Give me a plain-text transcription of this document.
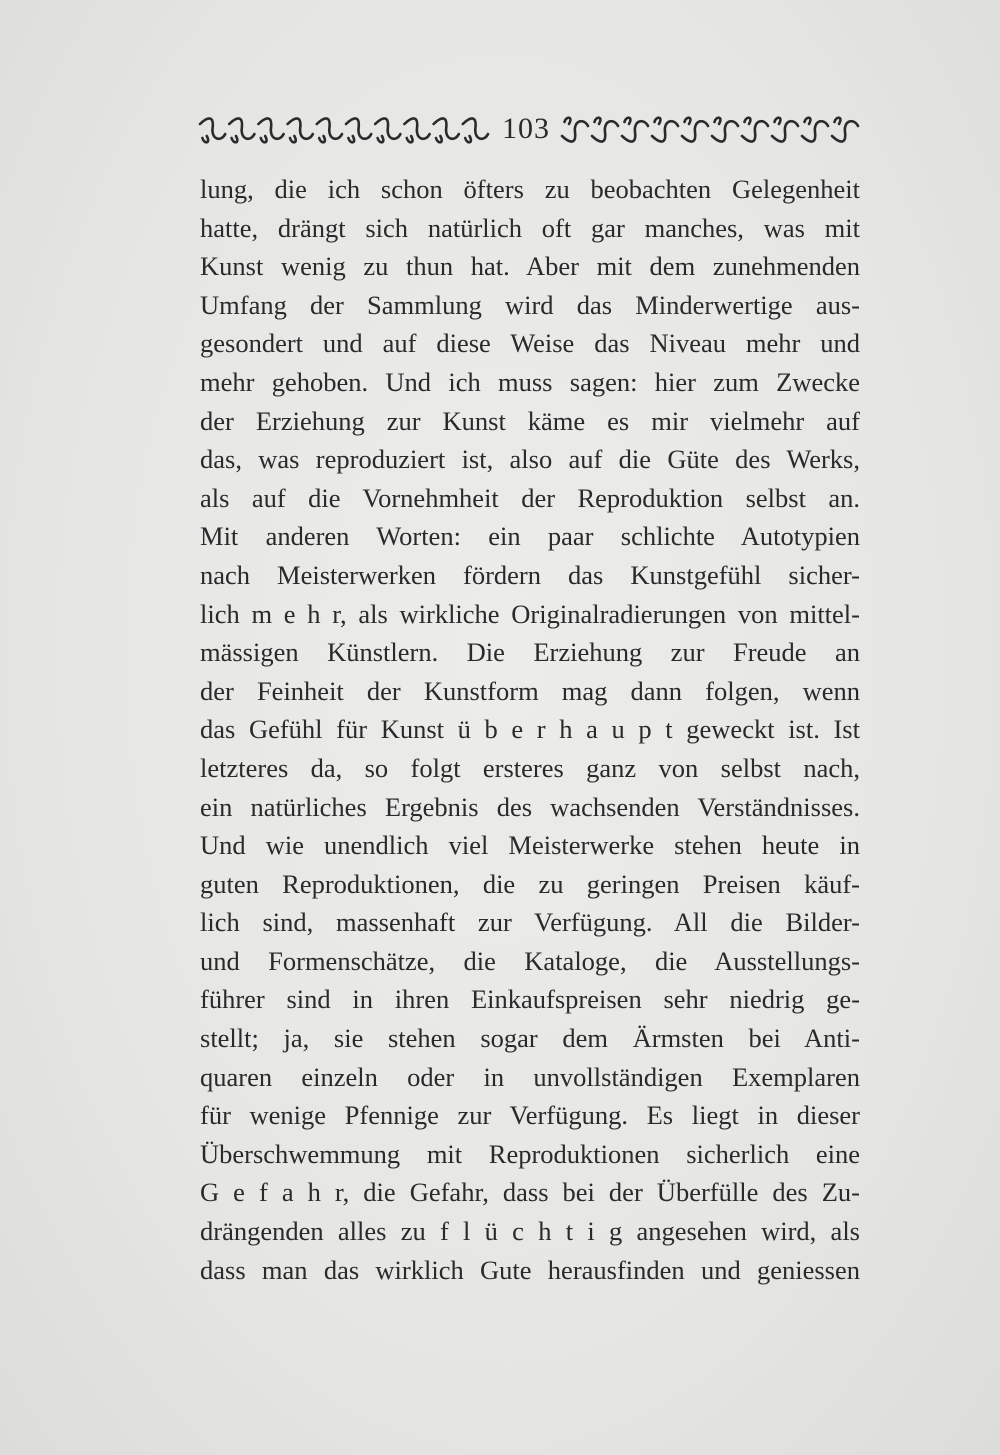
103
lung, die ich schon öfters zu beobachten Gelegenheit
hatte, drängt sich natürlich oft gar manches, was mit
Kunst wenig zu thun hat. Aber mit dem zunehmenden
Umfang der Sammlung wird das Minderwertige aus-
gesondert und auf diese Weise das Niveau mehr und
mehr gehoben. Und ich muss sagen: hier zum Zwecke
der Erziehung zur Kunst käme es mir vielmehr auf
das, was reproduziert ist, also auf die Güte des Werks,
als auf die Vornehmheit der Reproduktion selbst an.
Mit anderen Worten: ein paar schlichte Autotypien
nach Meisterwerken fördern das Kunstgefühl sicher-
lich m e h r, als wirkliche Originalradierungen von mittel-
mässigen Künstlern. Die Erziehung zur Freude an
der Feinheit der Kunstform mag dann folgen, wenn
das Gefühl für Kunst ü b e r h a u p t geweckt ist. Ist
letzteres da, so folgt ersteres ganz von selbst nach,
ein natürliches Ergebnis des wachsenden Verständnisses.
Und wie unendlich viel Meisterwerke stehen heute in
guten Reproduktionen, die zu geringen Preisen käuf-
lich sind, massenhaft zur Verfügung. All die Bilder-
und Formenschätze, die Kataloge, die Ausstellungs-
führer sind in ihren Einkaufspreisen sehr niedrig ge-
stellt; ja, sie stehen sogar dem Ärmsten bei Anti-
quaren einzeln oder in unvollständigen Exemplaren
für wenige Pfennige zur Verfügung. Es liegt in dieser
Überschwemmung mit Reproduktionen sicherlich eine
G e f a h r, die Gefahr, dass bei der Überfülle des Zu-
drängenden alles zu f l ü c h t i g angesehen wird, als
dass man das wirklich Gute herausfinden und geniessen
